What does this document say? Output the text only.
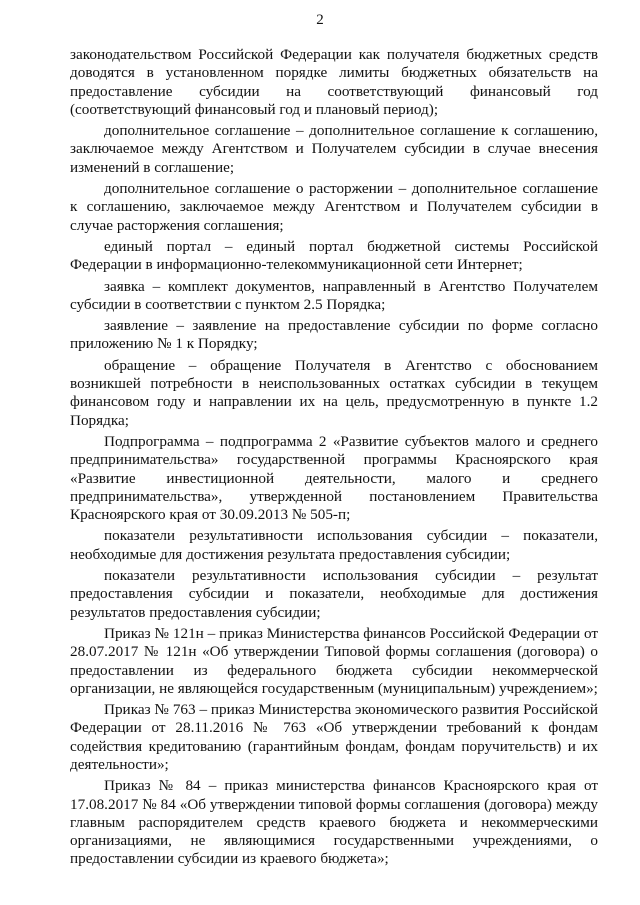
2

законодательством Российской Федерации как получателя бюджетных средств доводятся в установленном порядке лимиты бюджетных обязательств на предоставление субсидии на соответствующий финансовый год (соответствующий финансовый год и плановый период);

дополнительное соглашение – дополнительное соглашение к соглашению, заключаемое между Агентством и Получателем субсидии в случае внесения изменений в соглашение;

дополнительное соглашение о расторжении – дополнительное соглашение к соглашению, заключаемое между Агентством и Получателем субсидии в случае расторжения соглашения;

единый портал – единый портал бюджетной системы Российской Федерации в информационно-телекоммуникационной сети Интернет;

заявка – комплект документов, направленный в Агентство Получателем субсидии в соответствии с пунктом 2.5 Порядка;

заявление – заявление на предоставление субсидии по форме согласно приложению № 1 к Порядку;

обращение – обращение Получателя в Агентство с обоснованием возникшей потребности в неиспользованных остатках субсидии в текущем финансовом году и направлении их на цель, предусмотренную в пункте 1.2 Порядка;

Подпрограмма – подпрограмма 2 «Развитие субъектов малого и среднего предпринимательства» государственной программы Красноярского края «Развитие инвестиционной деятельности, малого и среднего предпринимательства», утвержденной постановлением Правительства Красноярского края от 30.09.2013 № 505-п;

показатели результативности использования субсидии – показатели, необходимые для достижения результата предоставления субсидии;

показатели результативности использования субсидии – результат предоставления субсидии и показатели, необходимые для достижения результатов предоставления субсидии;

Приказ № 121н – приказ Министерства финансов Российской Федерации от 28.07.2017 № 121н «Об утверждении Типовой формы соглашения (договора) о предоставлении из федерального бюджета субсидии некоммерческой организации, не являющейся государственным (муниципальным) учреждением»;

Приказ № 763 – приказ Министерства экономического развития Российской Федерации от 28.11.2016 № 763 «Об утверждении требований к фондам содействия кредитованию (гарантийным фондам, фондам поручительств) и их деятельности»;

Приказ № 84 – приказ министерства финансов Красноярского края от 17.08.2017 № 84 «Об утверждении типовой формы соглашения (договора) между главным распорядителем средств краевого бюджета и некоммерческими организациями, не являющимися государственными учреждениями, о предоставлении субсидии из краевого бюджета»;
